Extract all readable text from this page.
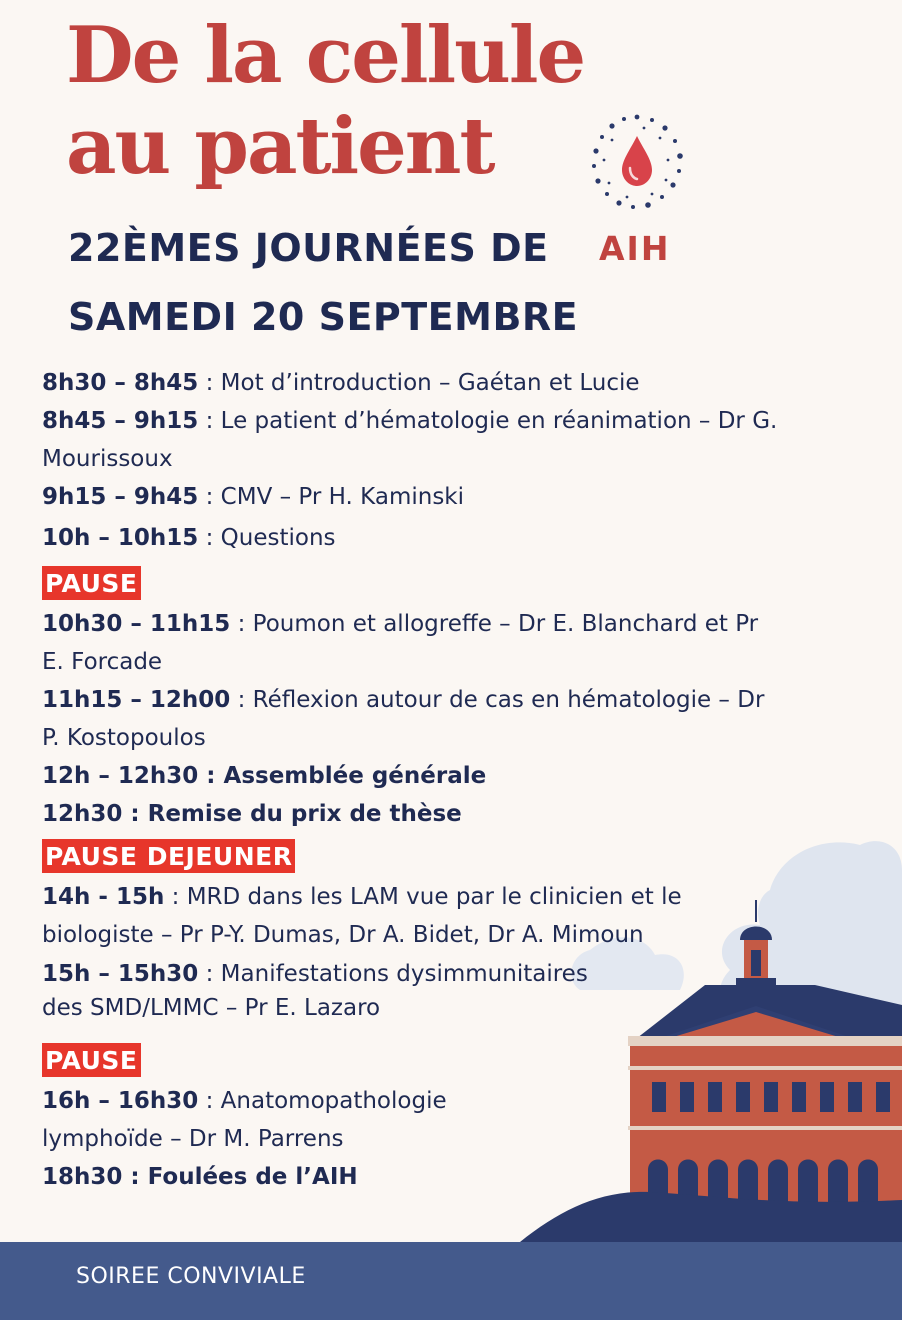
De la cellule
au patient
22ÈMES JOURNÉES DE AIH
SAMEDI 20 SEPTEMBRE

8h30 – 8h45 : Mot d’introduction – Gaétan et Lucie

8h45 – 9h15 : Le patient d’hématologie en réanimation – Dr G. Mourissoux

9h15 – 9h45 : CMV – Pr H. Kaminski

10h – 10h15 : Questions

PAUSE

10h30 – 11h15 : Poumon et allogreffe – Dr E. Blanchard et Pr E. Forcade

11h15 – 12h00 : Réflexion autour de cas en hématologie – Dr P. Kostopoulos

12h – 12h30 : Assemblée générale

12h30 : Remise du prix de thèse

PAUSE DEJEUNER

14h - 15h : MRD dans les LAM vue par le clinicien et le biologiste – Pr P-Y. Dumas, Dr A. Bidet, Dr A. Mimoun

15h – 15h30 : Manifestations dysimmunitaires
des SMD/LMMC – Pr E. Lazaro

PAUSE

16h – 16h30 : Anatomopathologie
lymphoïde – Dr M. Parrens

18h30 : Foulées de l’AIH

SOIREE CONVIVIALE
